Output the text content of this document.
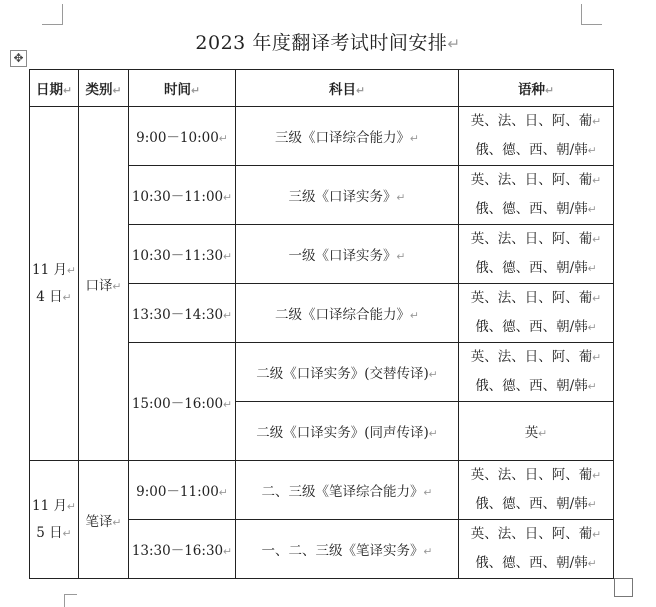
✥
2023 年度翻译考试时间安排↵
日期↵	类别↵	时间↵	科目↵	语种↵
11 月↵
4 日↵	口译↵	9:00－10:00↵	三级《口译综合能力》↵	英、法、日、阿、葡↵
俄、德、西、朝/韩↵
		10:30－11:00↵	三级《口译实务》↵	英、法、日、阿、葡↵
俄、德、西、朝/韩↵
		10:30－11:30↵	一级《口译实务》↵	英、法、日、阿、葡↵
俄、德、西、朝/韩↵
		13:30－14:30↵	二级《口译综合能力》↵	英、法、日、阿、葡↵
俄、德、西、朝/韩↵
		15:00－16:00↵	二级《口译实务》(交替传译)↵	英、法、日、阿、葡↵
俄、德、西、朝/韩↵
			二级《口译实务》(同声传译)↵	英↵
11 月↵
5 日↵	笔译↵	9:00－11:00↵	二、三级《笔译综合能力》↵	英、法、日、阿、葡↵
俄、德、西、朝/韩↵
		13:30－16:30↵	一、二、三级《笔译实务》↵	英、法、日、阿、葡↵
俄、德、西、朝/韩↵
